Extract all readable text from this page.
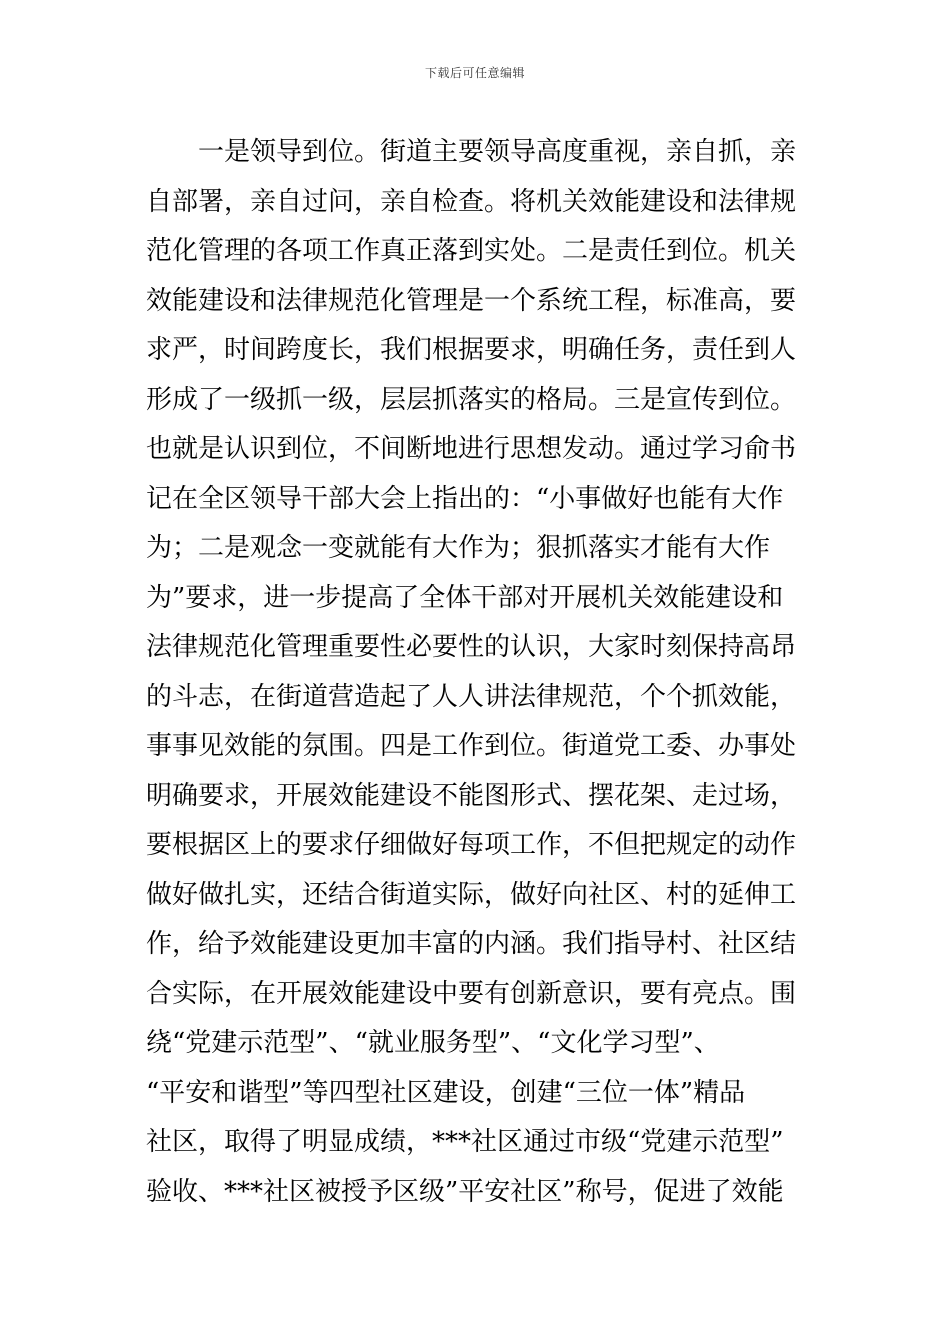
下载后可任意编辑
一是领导到位。街道主要领导高度重视，亲自抓，亲
自部署，亲自过问，亲自检查。将机关效能建设和法律规
范化管理的各项工作真正落到实处。二是责任到位。机关
效能建设和法律规范化管理是一个系统工程，标准高，要
求严，时间跨度长，我们根据要求，明确任务，责任到人
形成了一级抓一级，层层抓落实的格局。三是宣传到位。
也就是认识到位，不间断地进行思想发动。通过学习俞书
记在全区领导干部大会上指出的：“小事做好也能有大作
为；二是观念一变就能有大作为；狠抓落实才能有大作
为”要求，进一步提高了全体干部对开展机关效能建设和
法律规范化管理重要性必要性的认识，大家时刻保持高昂
的斗志，在街道营造起了人人讲法律规范，个个抓效能，
事事见效能的氛围。四是工作到位。街道党工委、办事处
明确要求，开展效能建设不能图形式、摆花架、走过场，
要根据区上的要求仔细做好每项工作，不但把规定的动作
做好做扎实，还结合街道实际，做好向社区、村的延伸工
作，给予效能建设更加丰富的内涵。我们指导村、社区结
合实际，在开展效能建设中要有创新意识，要有亮点。围
绕“党建示范型”、“就业服务型”、“文化学习型”、
“平安和谐型”等四型社区建设，创建“三位一体”精品
社区，取得了明显成绩，***社区通过市级“党建示范型”
验收、***社区被授予区级”平安社区”称号，促进了效能
